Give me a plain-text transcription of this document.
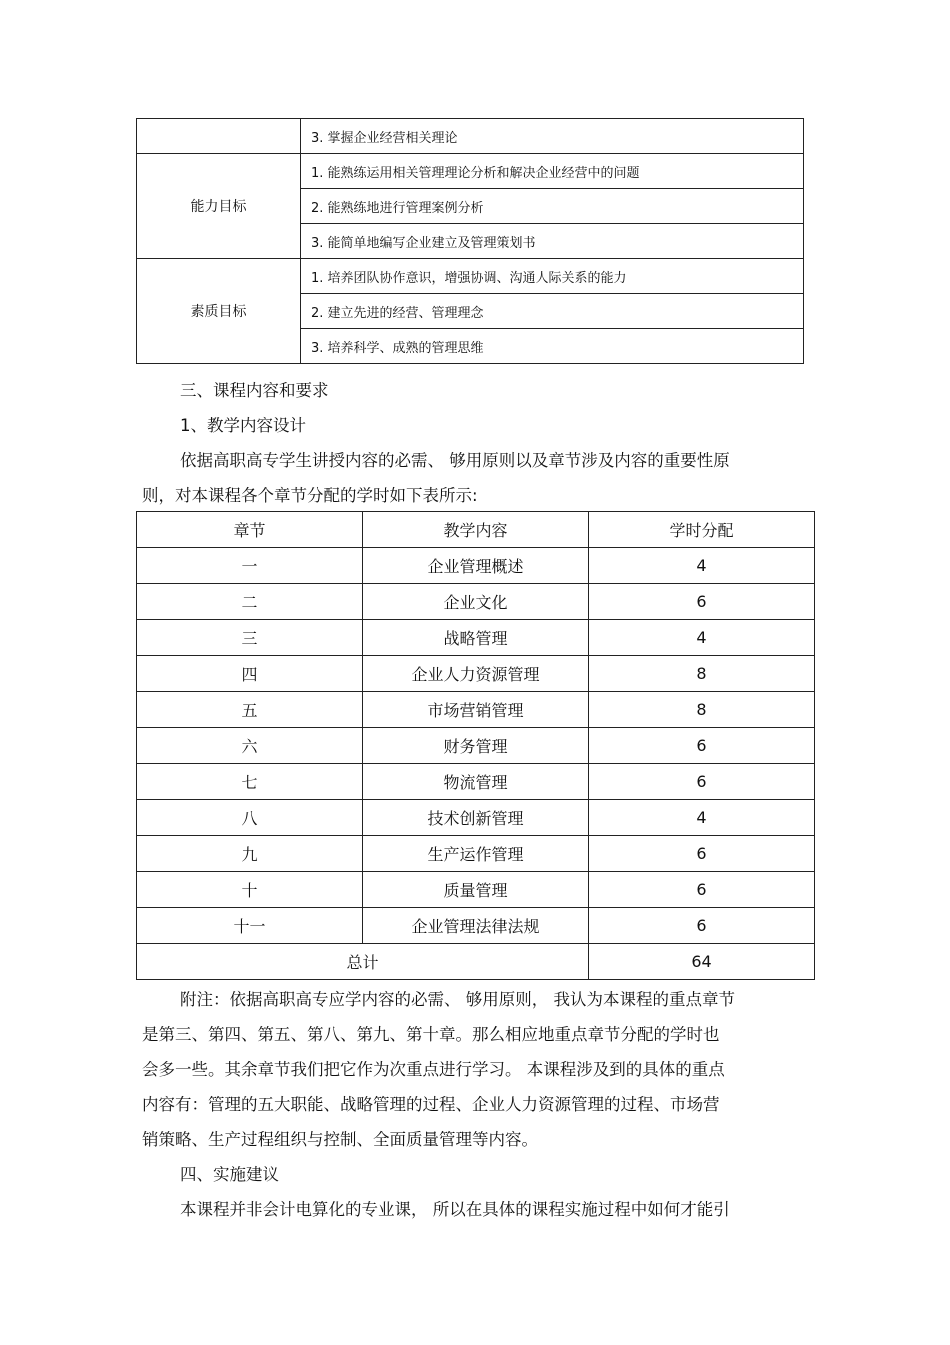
	3. 掌握企业经营相关理论
能力目标	1. 能熟练运用相关管理理论分析和解决企业经营中的问题
	2. 能熟练地进行管理案例分析
	3. 能简单地编写企业建立及管理策划书
素质目标	1. 培养团队协作意识，增强协调、沟通人际关系的能力
	2. 建立先进的经营、管理理念
	3. 培养科学、成熟的管理思维
三、课程内容和要求
1、教学内容设计
依据高职高专学生讲授内容的必需、 够用原则以及章节涉及内容的重要性原
则，对本课程各个章节分配的学时如下表所示:
章节	教学内容	学时分配
一	企业管理概述	4
二	企业文化	6
三	战略管理	4
四	企业人力资源管理	8
五	市场营销管理	8
六	财务管理	6
七	物流管理	6
八	技术创新管理	4
九	生产运作管理	6
十	质量管理	6
十一	企业管理法律法规	6
总计		64
附注：依据高职高专应学内容的必需、 够用原则， 我认为本课程的重点章节
是第三、第四、第五、第八、第九、第十章。那么相应地重点章节分配的学时也
会多一些。其余章节我们把它作为次重点进行学习。 本课程涉及到的具体的重点
内容有：管理的五大职能、战略管理的过程、企业人力资源管理的过程、市场营
销策略、生产过程组织与控制、全面质量管理等内容。
四、实施建议
本课程并非会计电算化的专业课， 所以在具体的课程实施过程中如何才能引
